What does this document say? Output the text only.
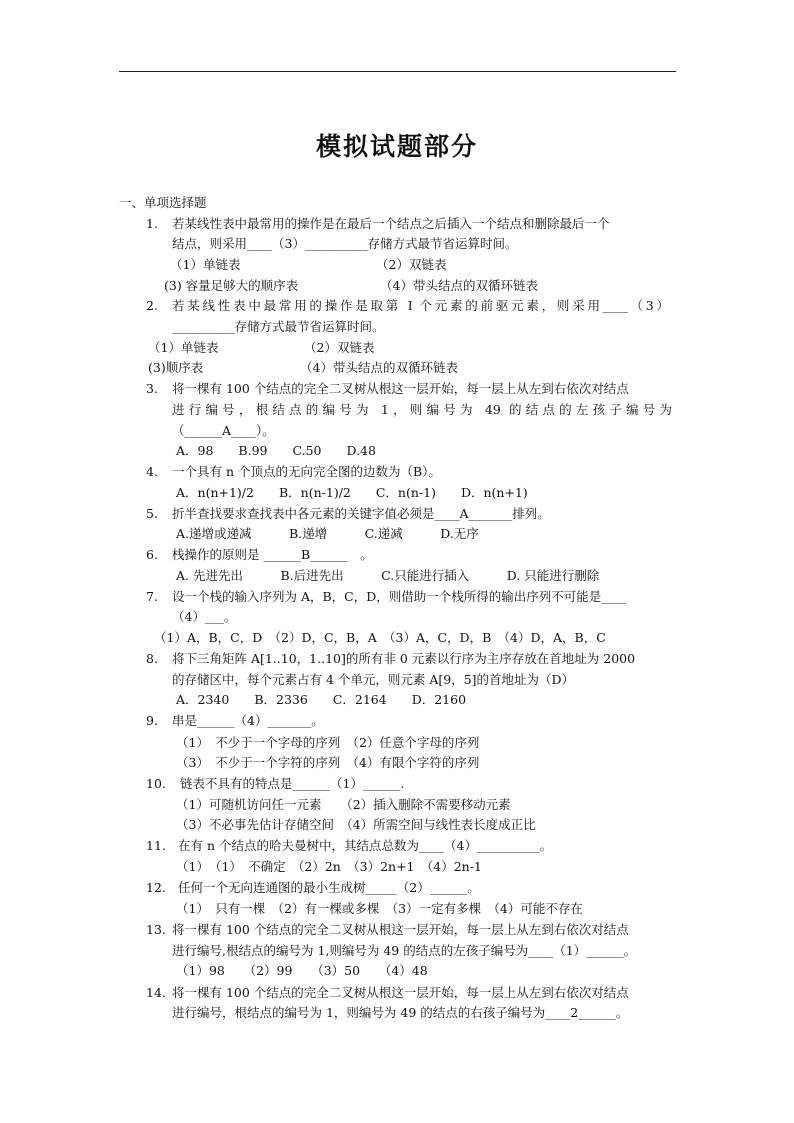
模拟试题部分
一、单项选择题
1. 若某线性表中最常用的操作是在最后一个结点之后插入一个结点和删除最后一个
结点，则采用____（3）__________存储方式最节省运算时间。
（1）单链表	（2）双链表
(3) 容量足够大的顺序表	（4）带头结点的双循环链表
2. 若某线性表中最常用的操作是取第 I 个元素的前驱元素，则采用____（3）
__________存储方式最节省运算时间。
（1）单链表	（2）双链表
(3)顺序表	（4）带头结点的双循环链表
3. 将一棵有 100 个结点的完全二叉树从根这一层开始，每一层上从左到右依次对结点
进行编号，根结点的编号为 1，则编号为 49 的结点的左孩子编号为
（______A____）。
A．98　　B.99　　C.50　　D.48
4. 一个具有 n 个顶点的无向完全图的边数为（B）。
A．n(n+1)/2　　B．n(n-1)/2　　C．n(n-1)　　D．n(n+1)
5. 折半查找要求查找表中各元素的关键字值必须是____A_______排列。
A.递增或递减　　　B.递增　　　C.递减　　　D.无序
6. 栈操作的原则是 ______B______　。
A. 先进先出　　　B.后进先出　　　C.只能进行插入　　　D. 只能进行删除
7. 设一个栈的输入序列为 A，B，C，D，则借助一个栈所得的输出序列不可能是____
（4）___。
（1）A，B，C，D　（2）D，C，B，A　（3）A，C，D，B　（4）D，A，B，C
8. 将下三角矩阵 A[1..10，1..10]的所有非 0 元素以行序为主序存放在首地址为 2000
的存储区中，每个元素占有 4 个单元，则元素 A[9，5]的首地址为（D）
A．2340　　B．2336　　C．2164　　D．2160
9. 串是______（4）_______。
（1）　不少于一个字母的序列　（2）任意个字母的序列
（3）　不少于一个字符的序列　（4）有限个字符的序列
10. 链表不具有的特点是______（1）______.
（1）可随机访问任一元素　　（2）插入删除不需要移动元素
（3）不必事先估计存储空间　（4）所需空间与线性表长度成正比
11. 在有 n 个结点的哈夫曼树中，其结点总数为____（4）__________。
（1）　（1）　不确定　（2）2n　（3）2n+1　（4）2n-1
12. 任何一个无向连通图的最小生成树_____（2）______。
（1）　只有一棵　（2）有一棵或多棵　（3）一定有多棵　（4）可能不存在
13. 将一棵有 100 个结点的完全二叉树从根这一层开始，每一层上从左到右依次对结点
进行编号,根结点的编号为 1,则编号为 49 的结点的左孩子编号为____（1）______。
（1）98　　（2）99　　（3）50　　（4）48
14. 将一棵有 100 个结点的完全二叉树从根这一层开始，每一层上从左到右依次对结点
进行编号，根结点的编号为 1，则编号为 49 的结点的右孩子编号为____2______。
